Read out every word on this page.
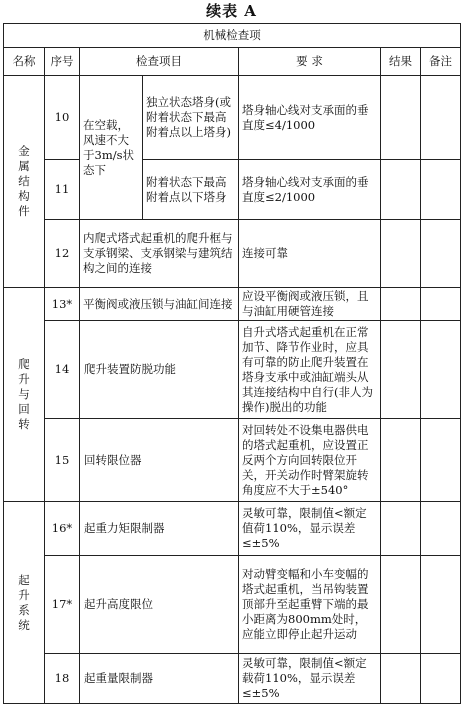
续表 A
机械检查项						
名称	序号	检查项目		要 求	结果	备注

金
属
结
构
件	10	在空载，风速不大于3m/s状态下	独立状态塔身(或附着状态下最高附着点以上塔身)	塔身轴心线对支承面的垂直度≤4/1000		
	11		附着状态下最高附着点以下塔身	塔身轴心线对支承面的垂直度≤2/1000		
	12	内爬式塔式起重机的爬升框与支承钢梁、支承钢梁与建筑结构之间的连接		连接可靠		

爬
升
与
回
转	13*	平衡阀或液压锁与油缸间连接		应设平衡阀或液压锁，且与油缸用硬管连接		
	14	爬升装置防脱功能		自升式塔式起重机在正常加节、降节作业时，应具有可靠的防止爬升装置在塔身支承中或油缸端头从其连接结构中自行(非人为操作)脱出的功能		
	15	回转限位器		对回转处不设集电器供电的塔式起重机，应设置正反两个方向回转限位开关，开关动作时臂架旋转角度应不大于±540°		

起
升
系
统	16*	起重力矩限制器		灵敏可靠，限制值<额定值荷110%，显示误差≤±5%		
	17*	起升高度限位		对动臂变幅和小车变幅的塔式起重机，当吊钩装置顶部升至起重臂下端的最小距离为800mm处时，应能立即停止起升运动		
	18	起重量限制器		灵敏可靠，限制值<额定载荷110%，显示误差≤±5%		
